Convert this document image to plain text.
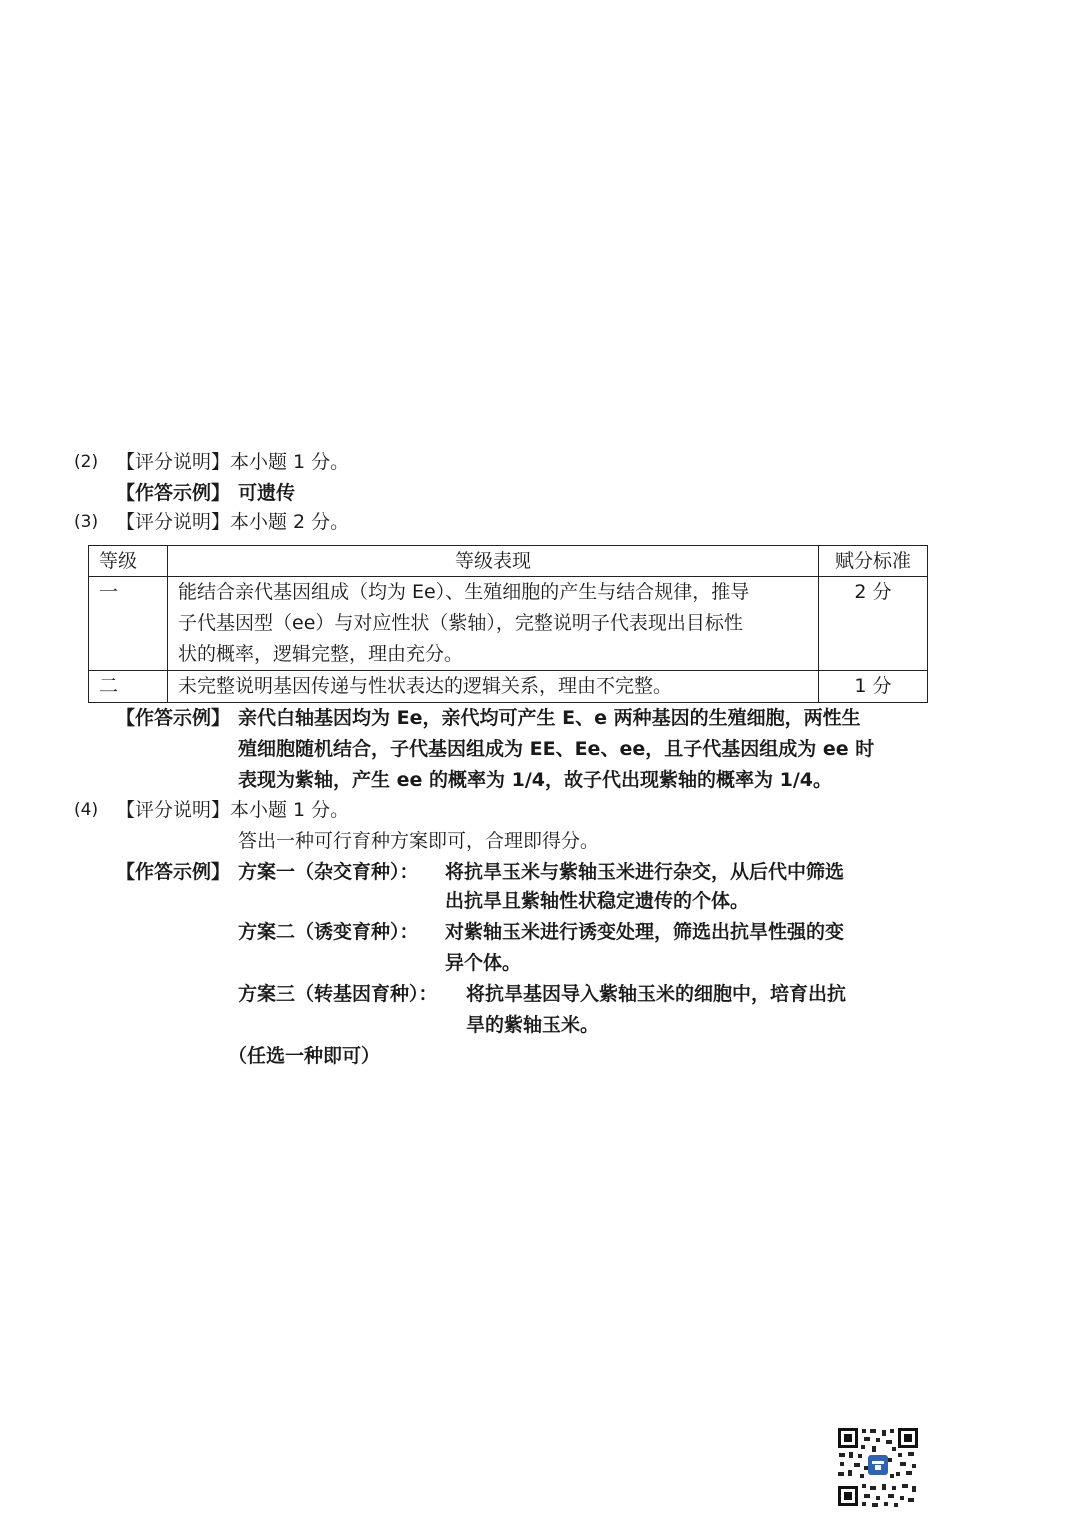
(2) 【评分说明】本小题 1 分。
【作答示例】 可遗传
(3) 【评分说明】本小题 2 分。
等级	等级表现	赋分标准
一	能结合亲代基因组成（均为 Ee）、生殖细胞的产生与结合规律，推导
子代基因型（ee）与对应性状（紫轴），完整说明子代表现出目标性
状的概率，逻辑完整，理由充分。	2 分
二	未完整说明基因传递与性状表达的逻辑关系，理由不完整。	1 分
【作答示例】 亲代白轴基因均为 Ee，亲代均可产生 E、e 两种基因的生殖细胞，两性生
殖细胞随机结合，子代基因组成为 EE、Ee、ee，且子代基因组成为 ee 时
表现为紫轴，产生 ee 的概率为 1/4，故子代出现紫轴的概率为 1/4。
(4) 【评分说明】本小题 1 分。
答出一种可行育种方案即可，合理即得分。
【作答示例】 方案一（杂交育种）： 将抗旱玉米与紫轴玉米进行杂交，从后代中筛选
出抗旱且紫轴性状稳定遗传的个体。
方案二（诱变育种）： 对紫轴玉米进行诱变处理，筛选出抗旱性强的变
异个体。
方案三（转基因育种）： 将抗旱基因导入紫轴玉米的细胞中，培育出抗
旱的紫轴玉米。
（任选一种即可）
